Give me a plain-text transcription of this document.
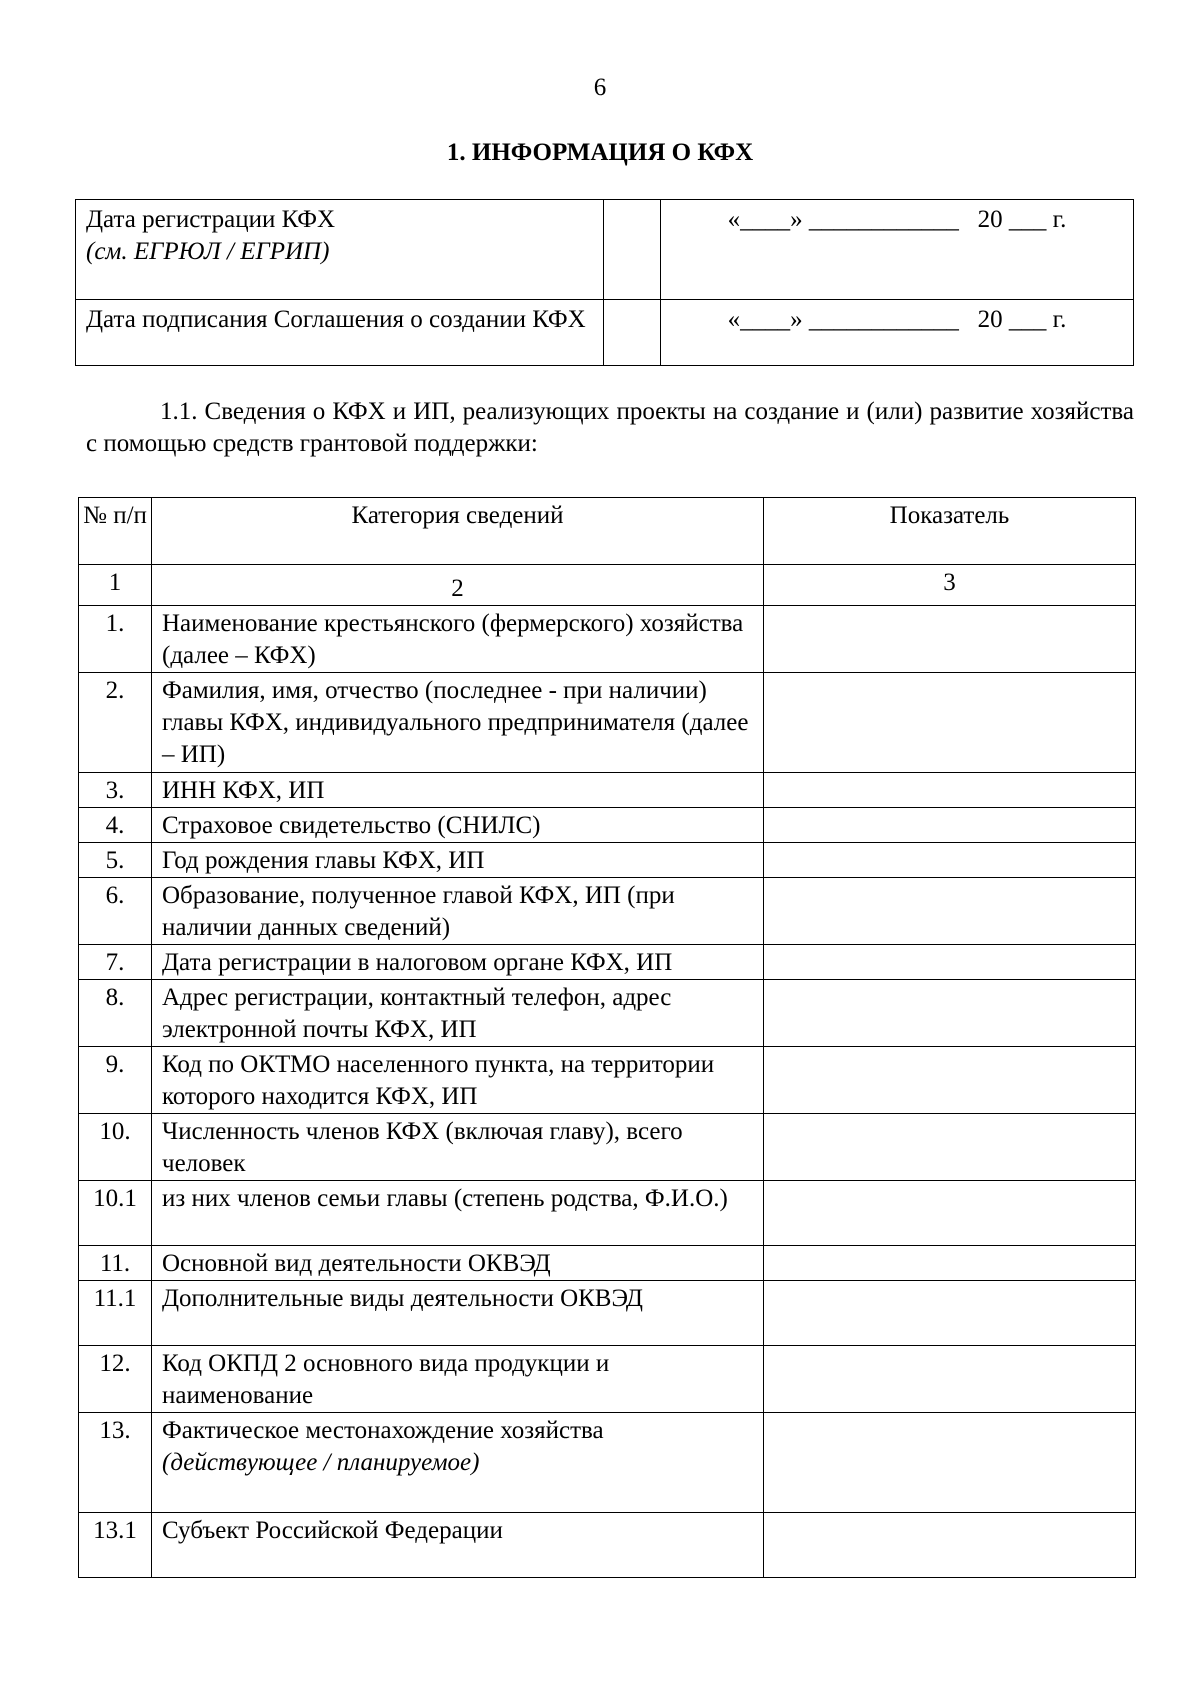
6
1. ИНФОРМАЦИЯ О КФХ
Дата регистрации КФХ
(см. ЕГРЮЛ / ЕГРИП)		«____» ____________   20 ___ г.

Дата подписания Соглашения о создании КФХ		«____» ____________   20 ___ г.
1.1. Сведения о КФХ и ИП, реализующих проекты на создание и (или) развитие хозяйства с помощью средств грантовой поддержки:
№ п/п	Категория сведений	Показатель
1	2	3
1.	Наименование крестьянского (фермерского) хозяйства (далее – КФХ)	
2.	Фамилия, имя, отчество (последнее - при наличии) главы КФХ, индивидуального предпринимателя (далее – ИП)	
3.	ИНН КФХ, ИП	
4.	Страховое свидетельство (СНИЛС)	
5.	Год рождения главы КФХ, ИП	
6.	Образование, полученное главой КФХ, ИП (при наличии данных сведений)	
7.	Дата регистрации в налоговом органе КФХ, ИП	
8.	Адрес регистрации, контактный телефон, адрес электронной почты КФХ, ИП	
9.	Код по ОКТМО населенного пункта, на территории которого находится КФХ, ИП	
10.	Численность членов КФХ (включая главу), всего человек	
10.1	из них членов семьи главы (степень родства, Ф.И.О.)	
11.	Основной вид деятельности ОКВЭД	
11.1	Дополнительные виды деятельности ОКВЭД	
12.	Код ОКПД 2 основного вида продукции и наименование	
13.	Фактическое местонахождение хозяйства
(действующее / планируемое)	

13.1	Субъект Российской Федерации	
